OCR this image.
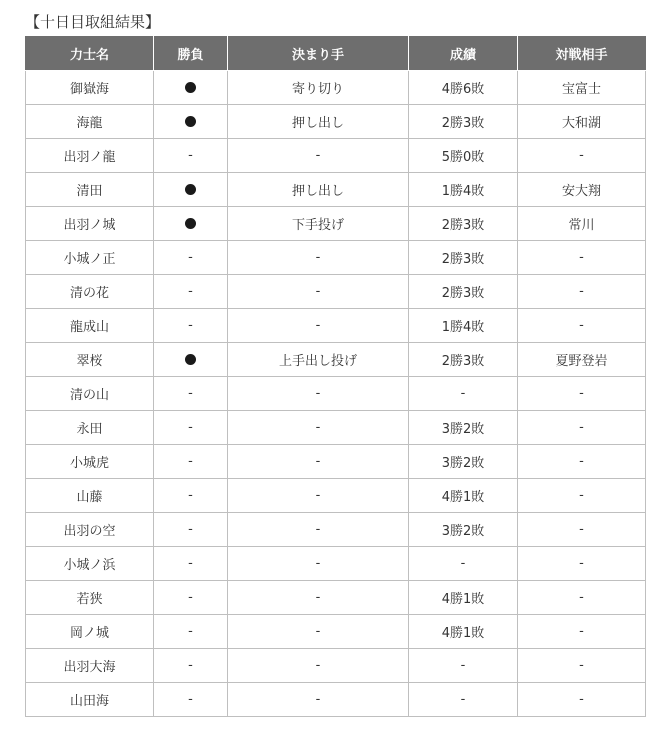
【十日目取組結果】
力士名	勝負	決まり手	成績	対戦相手
御嶽海		寄り切り	4勝6敗	宝富士
海龍		押し出し	2勝3敗	大和湖
出羽ノ龍	-	-	5勝0敗	-
清田		押し出し	1勝4敗	安大翔
出羽ノ城		下手投げ	2勝3敗	常川
小城ノ正	-	-	2勝3敗	-
清の花	-	-	2勝3敗	-
龍成山	-	-	1勝4敗	-
翠桜		上手出し投げ	2勝3敗	夏野登岩
清の山	-	-	-	-
永田	-	-	3勝2敗	-
小城虎	-	-	3勝2敗	-
山藤	-	-	4勝1敗	-
出羽の空	-	-	3勝2敗	-
小城ノ浜	-	-	-	-
若狭	-	-	4勝1敗	-
岡ノ城	-	-	4勝1敗	-
出羽大海	-	-	-	-
山田海	-	-	-	-
